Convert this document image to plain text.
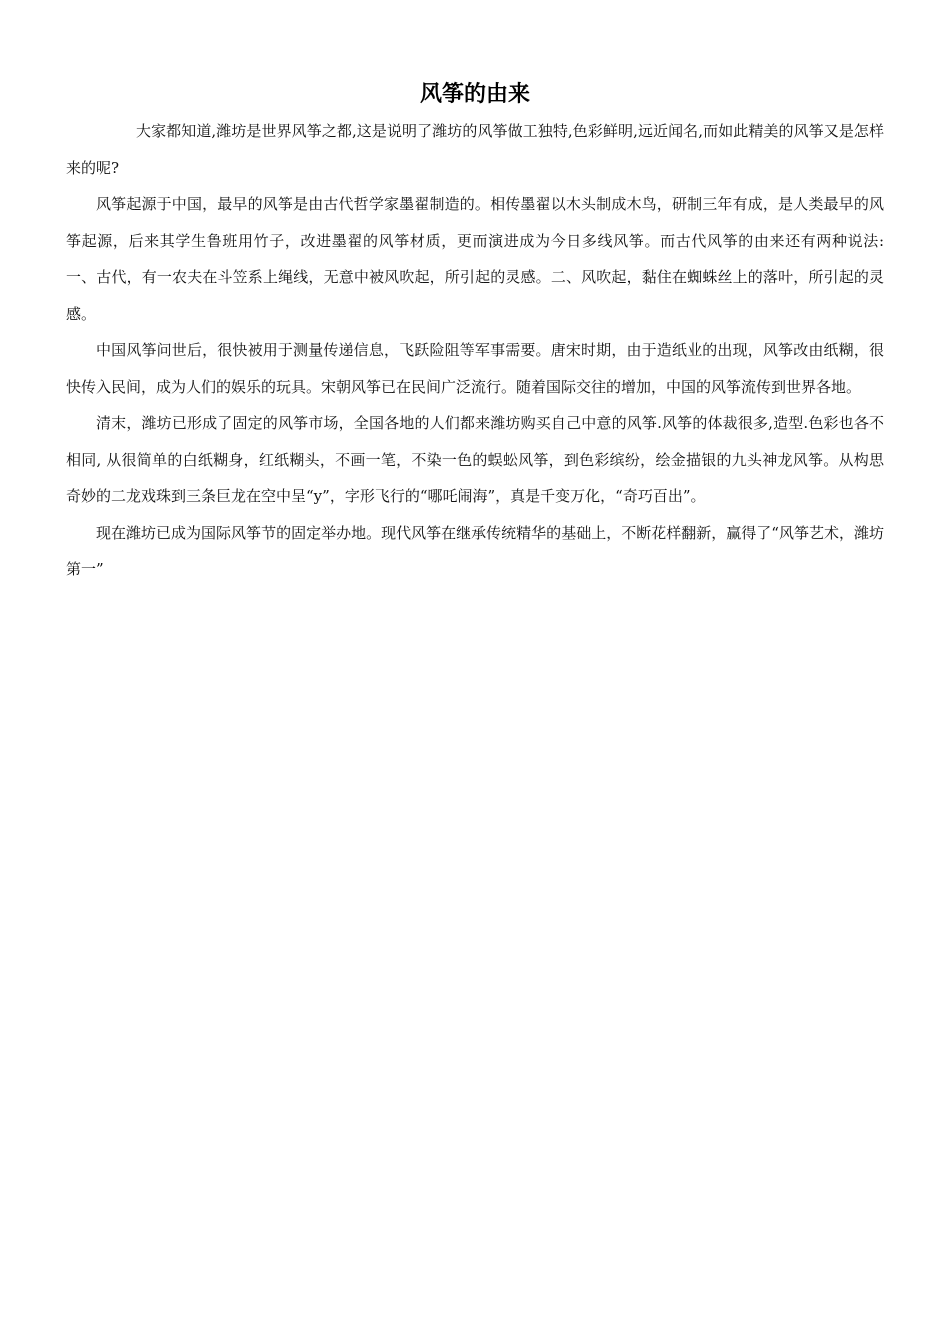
风筝的由来

大家都知道,潍坊是世界风筝之都,这是说明了潍坊的风筝做工独特,色彩鲜明,远近闻名,而如此精美的风筝又是怎样来的呢?

风筝起源于中国，最早的风筝是由古代哲学家墨翟制造的。相传墨翟以木头制成木鸟，研制三年有成，是人类最早的风筝起源，后来其学生鲁班用竹子，改进墨翟的风筝材质，更而演进成为今日多线风筝。而古代风筝的由来还有两种说法: 一、古代，有一农夫在斗笠系上绳线，无意中被风吹起，所引起的灵感。二、风吹起，黏住在蜘蛛丝上的落叶，所引起的灵感。

中国风筝问世后，很快被用于测量传递信息，飞跃险阻等军事需要。唐宋时期，由于造纸业的出现，风筝改由纸糊，很快传入民间，成为人们的娱乐的玩具。宋朝风筝已在民间广泛流行。随着国际交往的增加，中国的风筝流传到世界各地。

清末，潍坊已形成了固定的风筝市场，全国各地的人们都来潍坊购买自己中意的风筝.风筝的体裁很多,造型.色彩也各不相同, 从很简单的白纸糊身，红纸糊头，不画一笔，不染一色的蜈蚣风筝，到色彩缤纷，绘金描银的九头神龙风筝。从构思奇妙的二龙戏珠到三条巨龙在空中呈“y”，字形飞行的“哪吒闹海”，真是千变万化，“奇巧百出”。

现在潍坊已成为国际风筝节的固定举办地。现代风筝在继承传统精华的基础上，不断花样翻新，赢得了“风筝艺术，潍坊第一”
